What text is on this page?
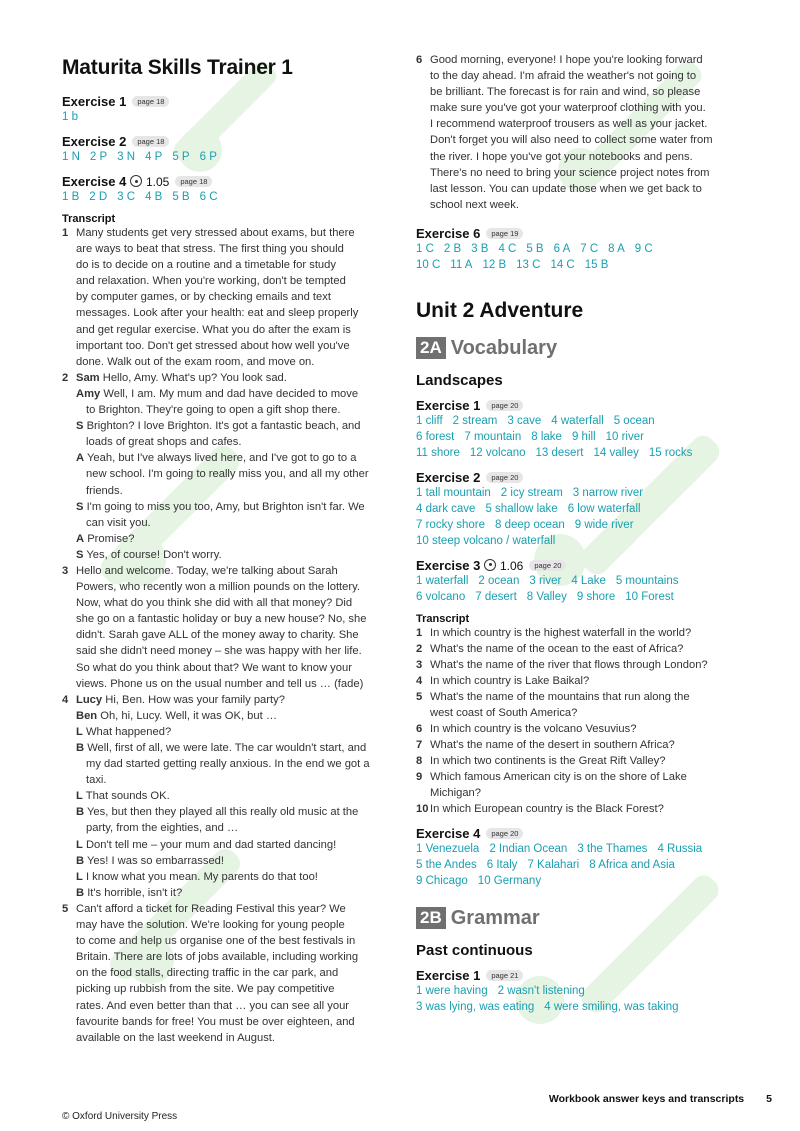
Maturita Skills Trainer 1
Exercise 1 page 18
1 b
Exercise 2 page 18
1 N 2 P 3 N 4 P 5 P 6 P
Exercise 4 1.05 page 18
1 B 2 D 3 C 4 B 5 B 6 C
Transcript
1 Many students get very stressed about exams, but there
are ways to beat that stress. The first thing you should
do is to decide on a routine and a timetable for study
and relaxation. When you're working, don't be tempted
by computer games, or by checking emails and text
messages. Look after your health: eat and sleep properly
and get regular exercise. What you do after the exam is
important too. Don't get stressed about how well you've
done. Walk out of the exam room, and move on.
2 Sam Hello, Amy. What's up? You look sad.
Amy Well, I am. My mum and dad have decided to move
to Brighton. They're going to open a gift shop there.
S Brighton? I love Brighton. It's got a fantastic beach, and
loads of great shops and cafes.
A Yeah, but I've always lived here, and I've got to go to a
new school. I'm going to really miss you, and all my other
friends.
S I'm going to miss you too, Amy, but Brighton isn't far. We
can visit you.
A Promise?
S Yes, of course! Don't worry.
3 Hello and welcome. Today, we're talking about Sarah
Powers, who recently won a million pounds on the lottery.
Now, what do you think she did with all that money? Did
she go on a fantastic holiday or buy a new house? No, she
didn't. Sarah gave ALL of the money away to charity. She
said she didn't need money – she was happy with her life.
So what do you think about that? We want to know your
views. Phone us on the usual number and tell us … (fade)
4 Lucy Hi, Ben. How was your family party?
Ben Oh, hi, Lucy. Well, it was OK, but …
L What happened?
B Well, first of all, we were late. The car wouldn't start, and
my dad started getting really anxious. In the end we got a
taxi.
L That sounds OK.
B Yes, but then they played all this really old music at the
party, from the eighties, and …
L Don't tell me – your mum and dad started dancing!
B Yes! I was so embarrassed!
L I know what you mean. My parents do that too!
B It's horrible, isn't it?
5 Can't afford a ticket for Reading Festival this year? We
may have the solution. We're looking for young people
to come and help us organise one of the best festivals in
Britain. There are lots of jobs available, including working
on the food stalls, directing traffic in the car park, and
picking up rubbish from the site. We pay competitive
rates. And even better than that … you can see all your
favourite bands for free! You must be over eighteen, and
available on the last weekend in August.
6 Good morning, everyone! I hope you're looking forward
to the day ahead. I'm afraid the weather's not going to
be brilliant. The forecast is for rain and wind, so please
make sure you've got your waterproof clothing with you.
I recommend waterproof trousers as well as your jacket.
Don't forget you will also need to collect some water from
the river. I hope you've got your notebooks and pens.
There's no need to bring your science project notes from
last lesson. You can update those when we get back to
school next week.
Exercise 6 page 19
1 C 2 B 3 B 4 C 5 B 6 A 7 C 8 A 9 C
10 C 11 A 12 B 13 C 14 C 15 B
Unit 2 Adventure
2A Vocabulary
Landscapes
Exercise 1 page 20
1 cliff 2 stream 3 cave 4 waterfall 5 ocean
6 forest 7 mountain 8 lake 9 hill 10 river
11 shore 12 volcano 13 desert 14 valley 15 rocks
Exercise 2 page 20
1 tall mountain 2 icy stream 3 narrow river
4 dark cave 5 shallow lake 6 low waterfall
7 rocky shore 8 deep ocean 9 wide river
10 steep volcano / waterfall
Exercise 3 1.06 page 20
1 waterfall 2 ocean 3 river 4 Lake 5 mountains
6 volcano 7 desert 8 Valley 9 shore 10 Forest
Transcript
1 In which country is the highest waterfall in the world?
2 What's the name of the ocean to the east of Africa?
3 What's the name of the river that flows through London?
4 In which country is Lake Baikal?
5 What's the name of the mountains that run along the
west coast of South America?
6 In which country is the volcano Vesuvius?
7 What's the name of the desert in southern Africa?
8 In which two continents is the Great Rift Valley?
9 Which famous American city is on the shore of Lake
Michigan?
10 In which European country is the Black Forest?
Exercise 4 page 20
1 Venezuela 2 Indian Ocean 3 the Thames 4 Russia
5 the Andes 6 Italy 7 Kalahari 8 Africa and Asia
9 Chicago 10 Germany
2B Grammar
Past continuous
Exercise 1 page 21
1 were having 2 wasn't listening
3 was lying, was eating 4 were smiling, was taking
© Oxford University Press
Workbook answer keys and transcripts 5
